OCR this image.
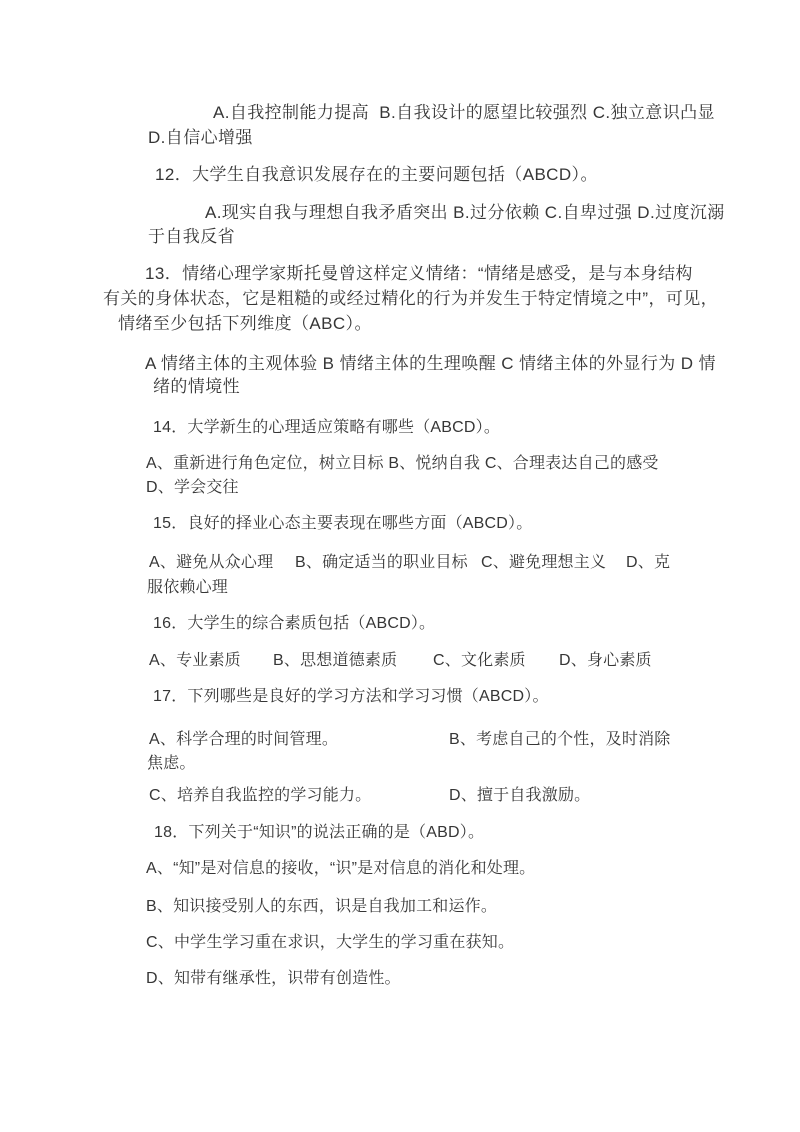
A.自我控制能力提高  B.自我设计的愿望比较强烈 C.独立意识凸显

D.自信心增强

12．大学生自我意识发展存在的主要问题包括（ABCD）。

A.现实自我与理想自我矛盾突出 B.过分依赖 C.自卑过强 D.过度沉溺

于自我反省

13．情绪心理学家斯托曼曾这样定义情绪：“情绪是感受，是与本身结构

有关的身体状态，它是粗糙的或经过精化的行为并发生于特定情境之中”，可见，

情绪至少包括下列维度（ABC）。

A 情绪主体的主观体验 B 情绪主体的生理唤醒 C 情绪主体的外显行为 D 情

绪的情境性

14．大学新生的心理适应策略有哪些（ABCD）。

A、重新进行角色定位，树立目标 B、悦纳自我 C、合理表达自己的感受

D、学会交往

15．良好的择业心态主要表现在哪些方面（ABCD）。

A、避免从众心理

B、确定适当的职业目标

C、避免理想主义

D、克

服依赖心理

16．大学生的综合素质包括（ABCD）。

A、专业素质

B、思想道德素质

C、文化素质

D、身心素质

17．下列哪些是良好的学习方法和学习习惯（ABCD）。

A、科学合理的时间管理。

	B、考虑自己的个性，及时消除

焦虑。

C、培养自我监控的学习能力。

	D、擅于自我激励。

18．下列关于“知识”的说法正确的是（ABD）。

A、“知”是对信息的接收，“识”是对信息的消化和处理。

B、知识接受别人的东西，识是自我加工和运作。

C、中学生学习重在求识，大学生的学习重在获知。

D、知带有继承性，识带有创造性。
